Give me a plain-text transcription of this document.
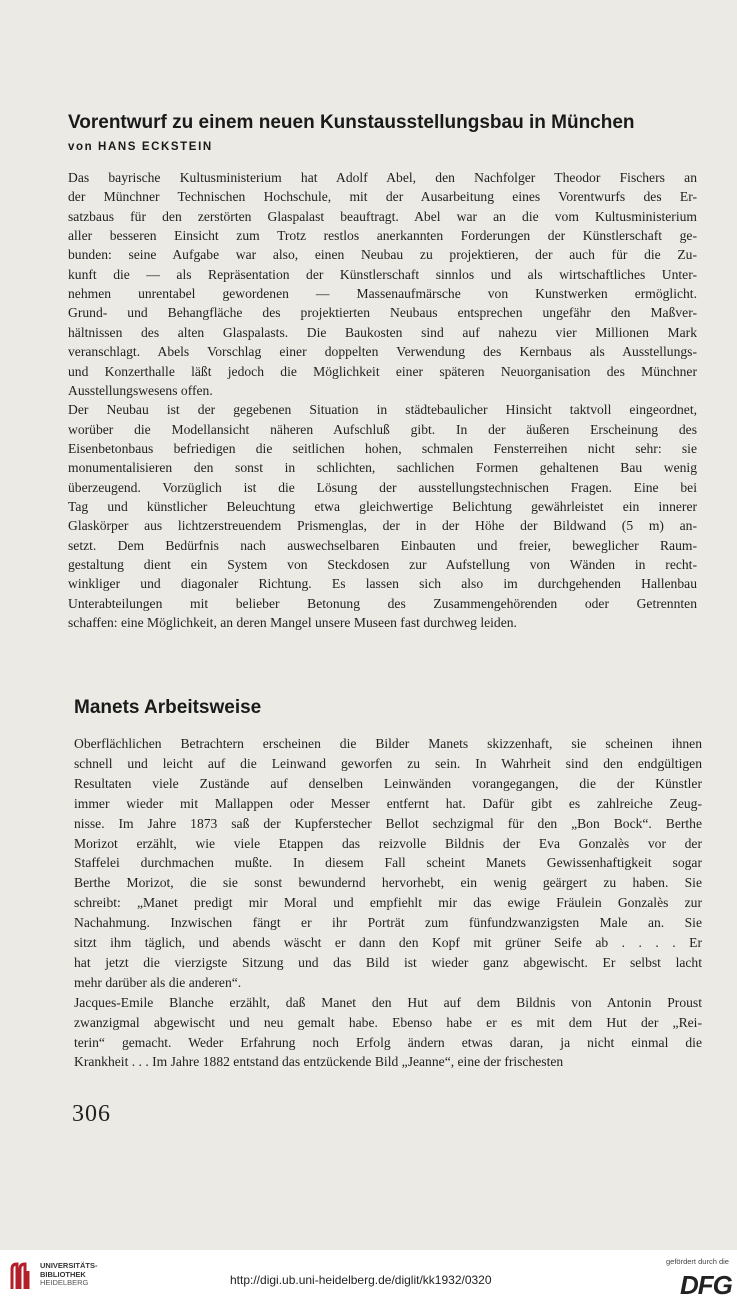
Vorentwurf zu einem neuen Kunstausstellungsbau in München
von HANS ECKSTEIN
Das bayrische Kultusministerium hat Adolf Abel, den Nachfolger Theodor Fischers an
der Münchner Technischen Hochschule, mit der Ausarbeitung eines Vorentwurfs des Er-
satzbaus für den zerstörten Glaspalast beauftragt. Abel war an die vom Kultusministerium
aller besseren Einsicht zum Trotz restlos anerkannten Forderungen der Künstlerschaft ge-
bunden: seine Aufgabe war also, einen Neubau zu projektieren, der auch für die Zu-
kunft die — als Repräsentation der Künstlerschaft sinnlos und als wirtschaftliches Unter-
nehmen unrentabel gewordenen — Massenaufmärsche von Kunstwerken ermöglicht.
Grund- und Behangfläche des projektierten Neubaus entsprechen ungefähr den Maßver-
hältnissen des alten Glaspalasts. Die Baukosten sind auf nahezu vier Millionen Mark
veranschlagt. Abels Vorschlag einer doppelten Verwendung des Kernbaus als Ausstellungs-
und Konzerthalle läßt jedoch die Möglichkeit einer späteren Neuorganisation des Münchner
Ausstellungswesens offen.
Der Neubau ist der gegebenen Situation in städtebaulicher Hinsicht taktvoll eingeordnet,
worüber die Modellansicht näheren Aufschluß gibt. In der äußeren Erscheinung des
Eisenbetonbaus befriedigen die seitlichen hohen, schmalen Fensterreihen nicht sehr: sie
monumentalisieren den sonst in schlichten, sachlichen Formen gehaltenen Bau wenig
überzeugend. Vorzüglich ist die Lösung der ausstellungstechnischen Fragen. Eine bei
Tag und künstlicher Beleuchtung etwa gleichwertige Belichtung gewährleistet ein innerer
Glaskörper aus lichtzerstreuendem Prismenglas, der in der Höhe der Bildwand (5 m) an-
setzt. Dem Bedürfnis nach auswechselbaren Einbauten und freier, beweglicher Raum-
gestaltung dient ein System von Steckdosen zur Aufstellung von Wänden in recht-
winkliger und diagonaler Richtung. Es lassen sich also im durchgehenden Hallenbau
Unterabteilungen mit belieber Betonung des Zusammengehörenden oder Getrennten
schaffen: eine Möglichkeit, an deren Mangel unsere Museen fast durchweg leiden.
Manets Arbeitsweise
Oberflächlichen Betrachtern erscheinen die Bilder Manets skizzenhaft, sie scheinen ihnen
schnell und leicht auf die Leinwand geworfen zu sein. In Wahrheit sind den endgültigen
Resultaten viele Zustände auf denselben Leinwänden vorangegangen, die der Künstler
immer wieder mit Mallappen oder Messer entfernt hat. Dafür gibt es zahlreiche Zeug-
nisse. Im Jahre 1873 saß der Kupferstecher Bellot sechzigmal für den „Bon Bock“. Berthe
Morizot erzählt, wie viele Etappen das reizvolle Bildnis der Eva Gonzalès vor der
Staffelei durchmachen mußte. In diesem Fall scheint Manets Gewissenhaftigkeit sogar
Berthe Morizot, die sie sonst bewundernd hervorhebt, ein wenig geärgert zu haben. Sie
schreibt: „Manet predigt mir Moral und empfiehlt mir das ewige Fräulein Gonzalès zur
Nachahmung. Inzwischen fängt er ihr Porträt zum fünfundzwanzigsten Male an. Sie
sitzt ihm täglich, und abends wäscht er dann den Kopf mit grüner Seife ab . . . . Er
hat jetzt die vierzigste Sitzung und das Bild ist wieder ganz abgewischt. Er selbst lacht
mehr darüber als die anderen“.
Jacques-Emile Blanche erzählt, daß Manet den Hut auf dem Bildnis von Antonin Proust
zwanzigmal abgewischt und neu gemalt habe. Ebenso habe er es mit dem Hut der „Rei-
terin“ gemacht. Weder Erfahrung noch Erfolg ändern etwas daran, ja nicht einmal die
Krankheit . . . Im Jahre 1882 entstand das entzückende Bild „Jeanne“, eine der frischesten
306
UNIVERSITÄTS-
BIBLIOTHEK
HEIDELBERG	http://digi.ub.uni-heidelberg.de/diglit/kk1932/0320
gefördert durch die
DFG
